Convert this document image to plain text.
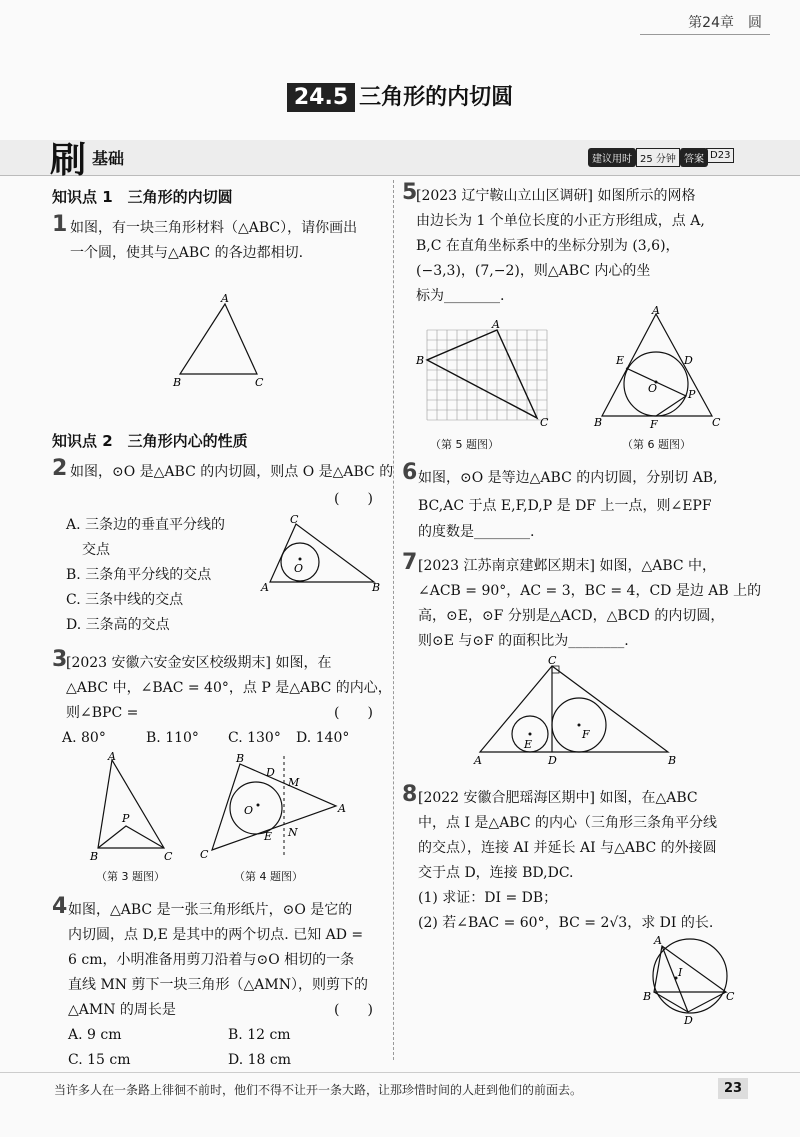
第24章　圆
24.5 三角形的内切圆
刷 基础	建议用时 25 分钟 答案 D23
知识点 1　三角形的内切圆
1 如图，有一块三角形材料（△ABC），请你画出
一个圆，使其与△ABC 的各边都相切.
A
B	C
知识点 2　三角形内心的性质
2 如图，⊙O 是△ABC 的内切圆，则点 O 是△ABC 的
(　　)
A. 三条边的垂直平分线的
交点
B. 三条角平分线的交点
C. 三条中线的交点
D. 三条高的交点
O
C
A	B
3
[2023 安徽六安金安区校级期末] 如图，在
△ABC 中，∠BAC = 40°，点 P 是△ABC 的内心，
则∠BPC =	(　　)
A. 80°	B. 110° C. 130° D. 140°
A
B	C
P
B
A
C
D
E
M
N
O
（第 3 题图）	（第 4 题图）
4 如图，△ABC 是一张三角形纸片，⊙O 是它的
内切圆，点 D,E 是其中的两个切点. 已知 AD =
6 cm，小明准备用剪刀沿着与⊙O 相切的一条
直线 MN 剪下一块三角形（△AMN），则剪下的
△AMN 的周长是	(　　)
A. 9 cm	B. 12 cm
C. 15 cm	D. 18 cm
5
[2023 辽宁鞍山立山区调研] 如图所示的网格
由边长为 1 个单位长度的小正方形组成，点 A,
B,C 在直角坐标系中的坐标分别为 (3,6)，
(−3,3)，(7,−2)，则△ABC 内心的坐
标为________.
A
B
C
A
B	C
E	D
P
F
O
（第 5 题图）	（第 6 题图）
6 如图，⊙O 是等边△ABC 的内切圆，分别切 AB,
BC,AC 于点 E,F,D,P 是 DF 上一点，则∠EPF
的度数是________.
7 [2023 江苏南京建邺区期末] 如图，△ABC 中，
∠ACB = 90°，AC = 3，BC = 4，CD 是边 AB 上的
高，⊙E，⊙F 分别是△ACD，△BCD 的内切圆，
则⊙E 与⊙F 的面积比为________.
C
A	B
D
E
F
8 [2022 安徽合肥瑶海区期中] 如图，在△ABC
中，点 I 是△ABC 的内心（三角形三条角平分线
的交点），连接 AI 并延长 AI 与△ABC 的外接圆
交于点 D，连接 BD,DC.
(1) 求证：DI = DB；
(2) 若∠BAC = 60°，BC = 2√3，求 DI 的长.
A
B	C
D
I
当许多人在一条路上徘徊不前时，他们不得不让开一条大路，让那珍惜时间的人赶到他们的前面去。	23
